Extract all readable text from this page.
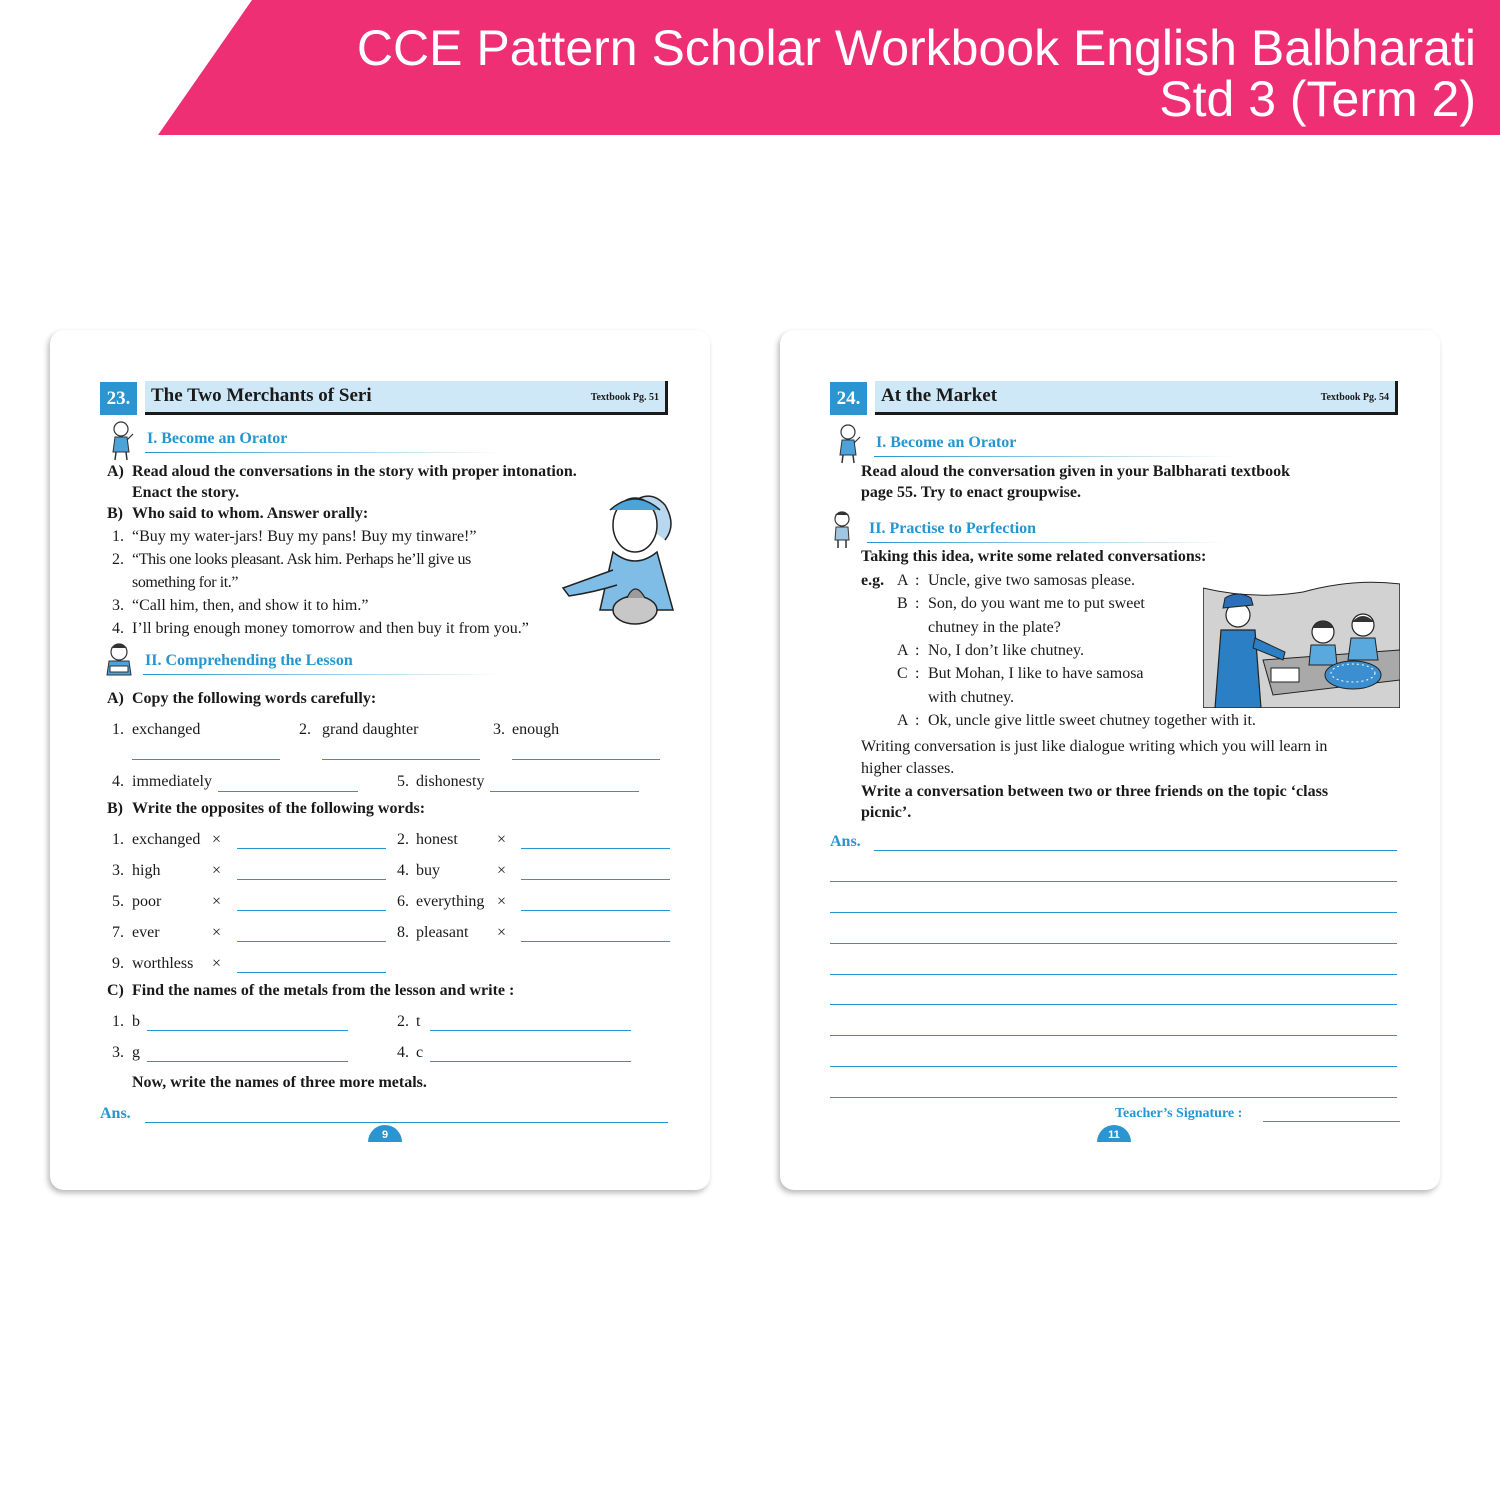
CCE Pattern Scholar Workbook English Balbharati
Std 3 (Term 2)
23.	The Two Merchants of Seri	Textbook Pg. 51
I. Become an Orator
A) Read aloud the conversations in the story with proper intonation.
Enact the story.
B) Who said to whom. Answer orally:
1. “Buy my water-jars! Buy my pans! Buy my tinware!”
2. “This one looks pleasant. Ask him. Perhaps he’ll give us
something for it.”
3. “Call him, then, and show it to him.”
4. I’ll bring enough money tomorrow and then buy it from you.”
II. Comprehending the Lesson
A) Copy the following words carefully:
1. exchanged	2. grand daughter	3. enough
4. immediately	5. dishonesty
B) Write the opposites of the following words:
1. exchanged ×	2. honest ×
3. high	×	4. buy	×
5. poor	×	6. everything ×
7. ever	×	8. pleasant ×
9. worthless ×
C) Find the names of the metals from the lesson and write :
1. b	2. t
3. g	4. c
Now, write the names of three more metals.
Ans.
9
24.	At the Market	Textbook Pg. 54
I. Become an Orator
Read aloud the conversation given in your Balbharati textbook
page 55. Try to enact groupwise.
II. Practise to Perfection
Taking this idea, write some related conversations:
e.g. A : Uncle, give two samosas please.
B : Son, do you want me to put sweet
chutney in the plate?
A : No, I don’t like chutney.
C : But Mohan, I like to have samosa
with chutney.
A : Ok, uncle give little sweet chutney together with it.
Writing conversation is just like dialogue writing which you will learn in
higher classes.
Write a conversation between two or three friends on the topic ‘class
picnic’.
Ans.
Teacher’s Signature :
11
